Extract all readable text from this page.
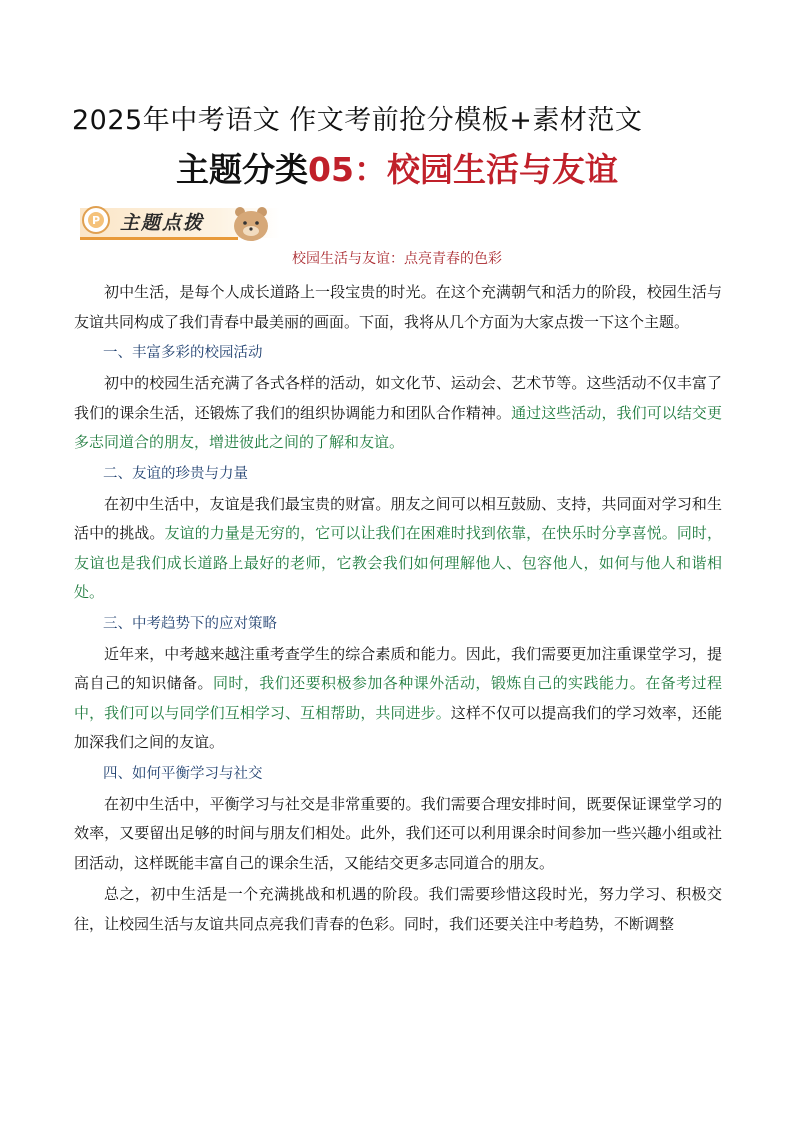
2025年中考语文 作文考前抢分模板+素材范文
主题分类05：校园生活与友谊
P 主题点拨
校园生活与友谊：点亮青春的色彩

初中生活，是每个人成长道路上一段宝贵的时光。在这个充满朝气和活力的阶段，校园生活与友谊共同构成了我们青春中最美丽的画面。下面，我将从几个方面为大家点拨一下这个主题。

一、丰富多彩的校园活动

初中的校园生活充满了各式各样的活动，如文化节、运动会、艺术节等。这些活动不仅丰富了我们的课余生活，还锻炼了我们的组织协调能力和团队合作精神。通过这些活动，我们可以结交更多志同道合的朋友，增进彼此之间的了解和友谊。

二、友谊的珍贵与力量

在初中生活中，友谊是我们最宝贵的财富。朋友之间可以相互鼓励、支持，共同面对学习和生活中的挑战。友谊的力量是无穷的，它可以让我们在困难时找到依靠，在快乐时分享喜悦。同时，友谊也是我们成长道路上最好的老师，它教会我们如何理解他人、包容他人，如何与他人和谐相处。

三、中考趋势下的应对策略

近年来，中考越来越注重考查学生的综合素质和能力。因此，我们需要更加注重课堂学习，提高自己的知识储备。同时，我们还要积极参加各种课外活动，锻炼自己的实践能力。在备考过程中，我们可以与同学们互相学习、互相帮助，共同进步。这样不仅可以提高我们的学习效率，还能加深我们之间的友谊。

四、如何平衡学习与社交

在初中生活中，平衡学习与社交是非常重要的。我们需要合理安排时间，既要保证课堂学习的效率，又要留出足够的时间与朋友们相处。此外，我们还可以利用课余时间参加一些兴趣小组或社团活动，这样既能丰富自己的课余生活，又能结交更多志同道合的朋友。

总之，初中生活是一个充满挑战和机遇的阶段。我们需要珍惜这段时光，努力学习、积极交往，让校园生活与友谊共同点亮我们青春的色彩。同时，我们还要关注中考趋势，不断调整
